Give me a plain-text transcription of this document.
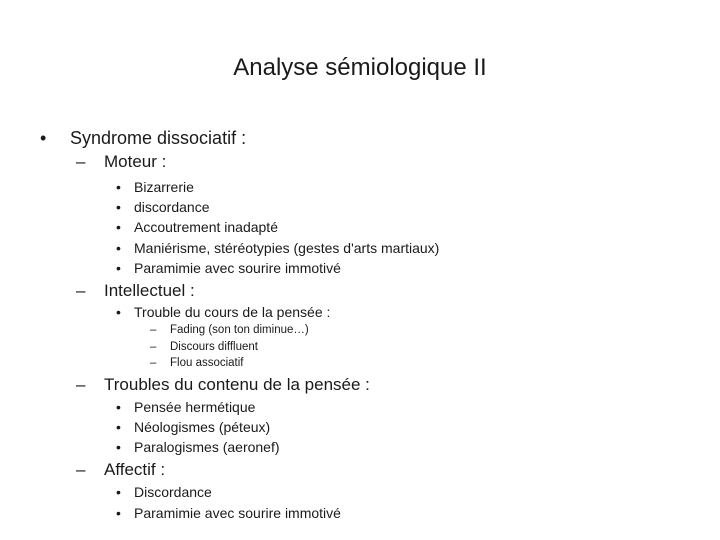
Analyse sémiologique II
• Syndrome dissociatif :
– Moteur :
• Bizarrerie
• discordance
• Accoutrement inadapté
• Maniérisme, stéréotypies (gestes d'arts martiaux)
• Paramimie avec sourire immotivé
– Intellectuel :
• Trouble du cours de la pensée :
– Fading (son ton diminue…)
– Discours diffluent
– Flou associatif
– Troubles du contenu de la pensée :
• Pensée hermétique
• Néologismes (péteux)
• Paralogismes (aeronef)
– Affectif :
• Discordance
• Paramimie avec sourire immotivé
